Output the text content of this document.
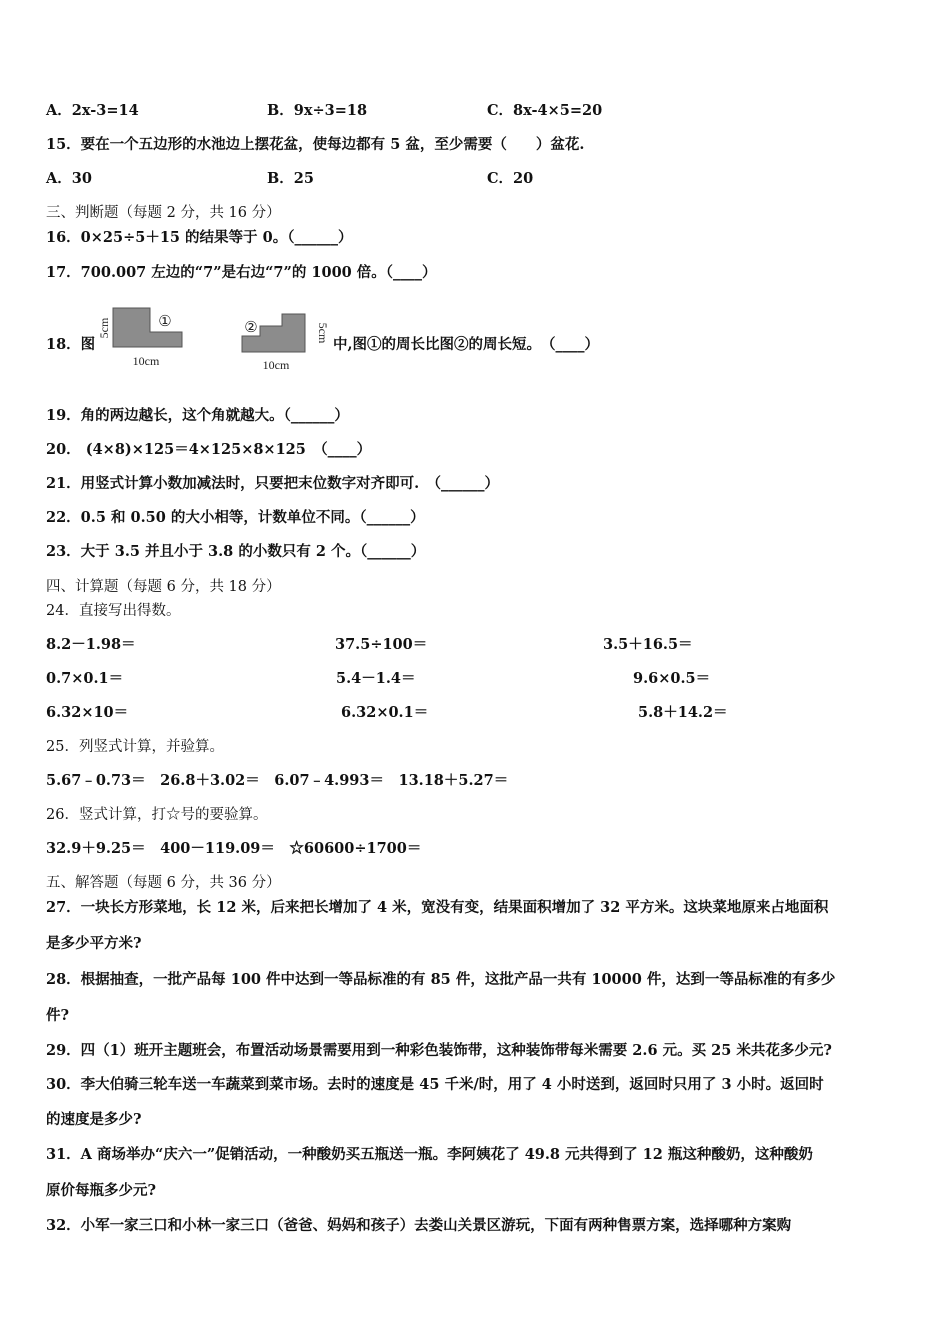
A．2x-3=14	B．9x÷3=18	C．8x-4×5=20
15．要在一个五边形的水池边上摆花盆，使每边都有 5 盆，至少需要（　　）盆花.
A．30	B．25	C．20
三、判断题（每题 2 分，共 16 分）
16．0×25÷5＋15 的结果等于 0。（______）
17．700.007 左边的“7”是右边“7”的 1000 倍。（____）
18．图
5cm	①
10cm
②	5cm
10cm
中,图①的周长比图②的周长短。　（____）
19．角的两边越长，这个角就越大。（______）
20． (4×8)×125＝4×125×8×125　（____）
21．用竖式计算小数加减法时，只要把末位数字对齐即可.　（______）
22．0.5 和 0.50 的大小相等，计数单位不同。（______）
23．大于 3.5 并且小于 3.8 的小数只有 2 个。（______）
四、计算题（每题 6 分，共 18 分）
24．直接写出得数。
8.2－1.98＝	37.5÷100＝	3.5＋16.5＝
0.7×0.1＝	5.4－1.4＝	9.6×0.5＝
6.32×10＝	6.32×0.1＝	5.8＋14.2＝
25．列竖式计算，并验算。
5.67﹣0.73＝　26.8＋3.02＝　6.07﹣4.993＝　13.18＋5.27＝
26．竖式计算，打☆号的要验算。
32.9＋9.25＝　400－119.09＝　☆60600÷1700＝
五、解答题（每题 6 分，共 36 分）
27．一块长方形菜地，长 12 米，后来把长增加了 4 米，宽没有变，结果面积增加了 32 平方米。这块菜地原来占地面积
是多少平方米?
28．根据抽查，一批产品每 100 件中达到一等品标准的有 85 件，这批产品一共有 10000 件，达到一等品标准的有多少
件?
29．四（1）班开主题班会，布置活动场景需要用到一种彩色装饰带，这种装饰带每米需要 2.6 元。买 25 米共花多少元?
30．李大伯骑三轮车送一车蔬菜到菜市场。去时的速度是 45 千米/时，用了 4 小时送到，返回时只用了 3 小时。返回时
的速度是多少?
31．A 商场举办“庆六一”促销活动，一种酸奶买五瓶送一瓶。李阿姨花了 49.8 元共得到了 12 瓶这种酸奶，这种酸奶
原价每瓶多少元?
32．小军一家三口和小林一家三口（爸爸、妈妈和孩子）去娄山关景区游玩，下面有两种售票方案，选择哪种方案购
